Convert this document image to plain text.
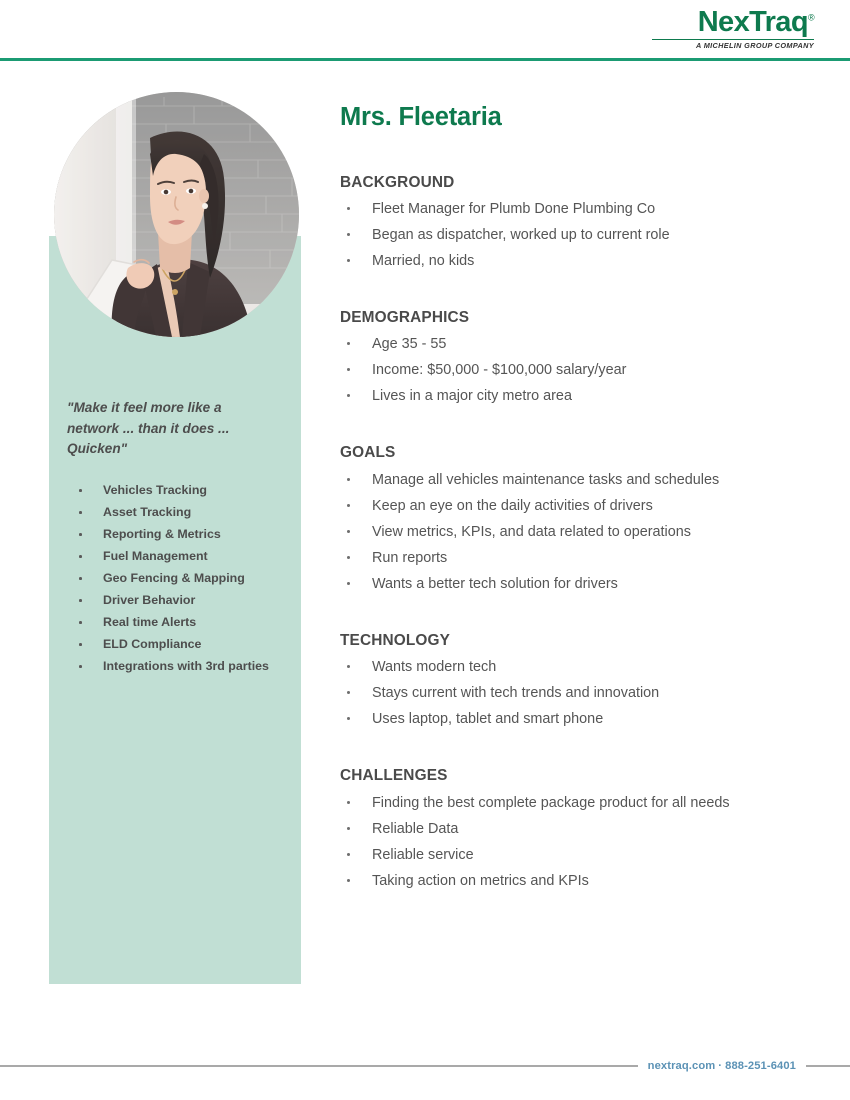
NexTraq®
A MICHELIN GROUP COMPANY
"Make it feel more like a network ... than it does ... Quicken"
Vehicles Tracking
Asset Tracking
Reporting & Metrics
Fuel Management
Geo Fencing & Mapping
Driver Behavior
Real time Alerts
ELD Compliance
Integrations with 3rd parties
Mrs. Fleetaria
BACKGROUND
Fleet Manager for Plumb Done Plumbing Co
Began as dispatcher, worked up to current role
Married, no kids
DEMOGRAPHICS
Age 35 - 55
Income: $50,000 - $100,000 salary/year
Lives in a major city metro area
GOALS
Manage all vehicles maintenance tasks and schedules
Keep an eye on the daily activities of drivers
View metrics, KPIs, and data related to operations
Run reports
Wants a better tech solution for drivers
TECHNOLOGY
Wants modern tech
Stays current with tech trends and innovation
Uses laptop, tablet and smart phone
CHALLENGES
Finding the best complete package product for all needs
Reliable Data
Reliable service
Taking action on metrics and KPIs
nextraq.com · 888-251-6401
